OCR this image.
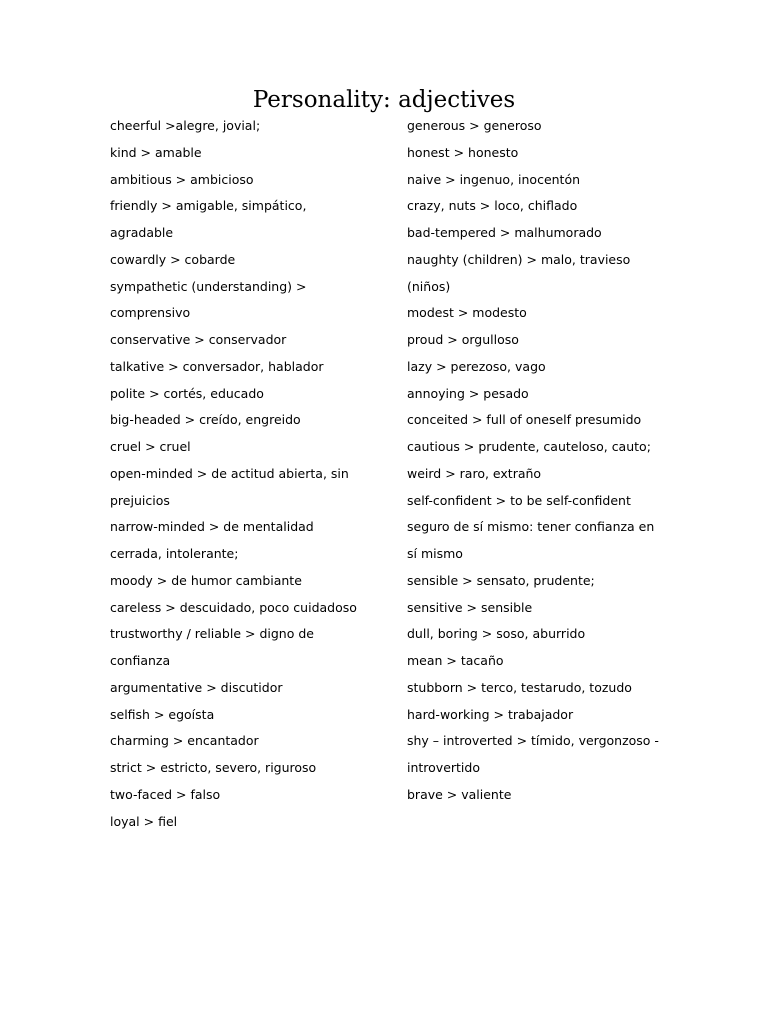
Personality: adjectives
cheerful >alegre, jovial;
kind > amable
ambitious > ambicioso
friendly > amigable, simpático,
agradable
cowardly > cobarde
sympathetic (understanding) >
comprensivo
conservative > conservador
talkative > conversador, hablador
polite > cortés, educado
big-headed > creído, engreido
cruel > cruel
open-minded > de actitud abierta, sin
prejuicios
narrow-minded > de mentalidad
cerrada, intolerante;
moody > de humor cambiante
careless > descuidado, poco cuidadoso
trustworthy / reliable > digno de
confianza
argumentative > discutidor
selfish > egoísta
charming > encantador
strict > estricto, severo, riguroso
two-faced > falso
loyal > fiel
generous > generoso
honest > honesto
naive > ingenuo, inocentón
crazy, nuts > loco, chiflado
bad-tempered > malhumorado
naughty (children) > malo, travieso
(niños)
modest > modesto
proud > orgulloso
lazy > perezoso, vago
annoying > pesado
conceited > full of oneself presumido
cautious > prudente, cauteloso, cauto;
weird > raro, extraño
self-confident > to be self-confident
seguro de sí mismo: tener confianza en
sí mismo
sensible > sensato, prudente;
sensitive > sensible
dull, boring > soso, aburrido
mean > tacaño
stubborn > terco, testarudo, tozudo
hard-working > trabajador
shy – introverted > tímido, vergonzoso -
introvertido
brave > valiente
